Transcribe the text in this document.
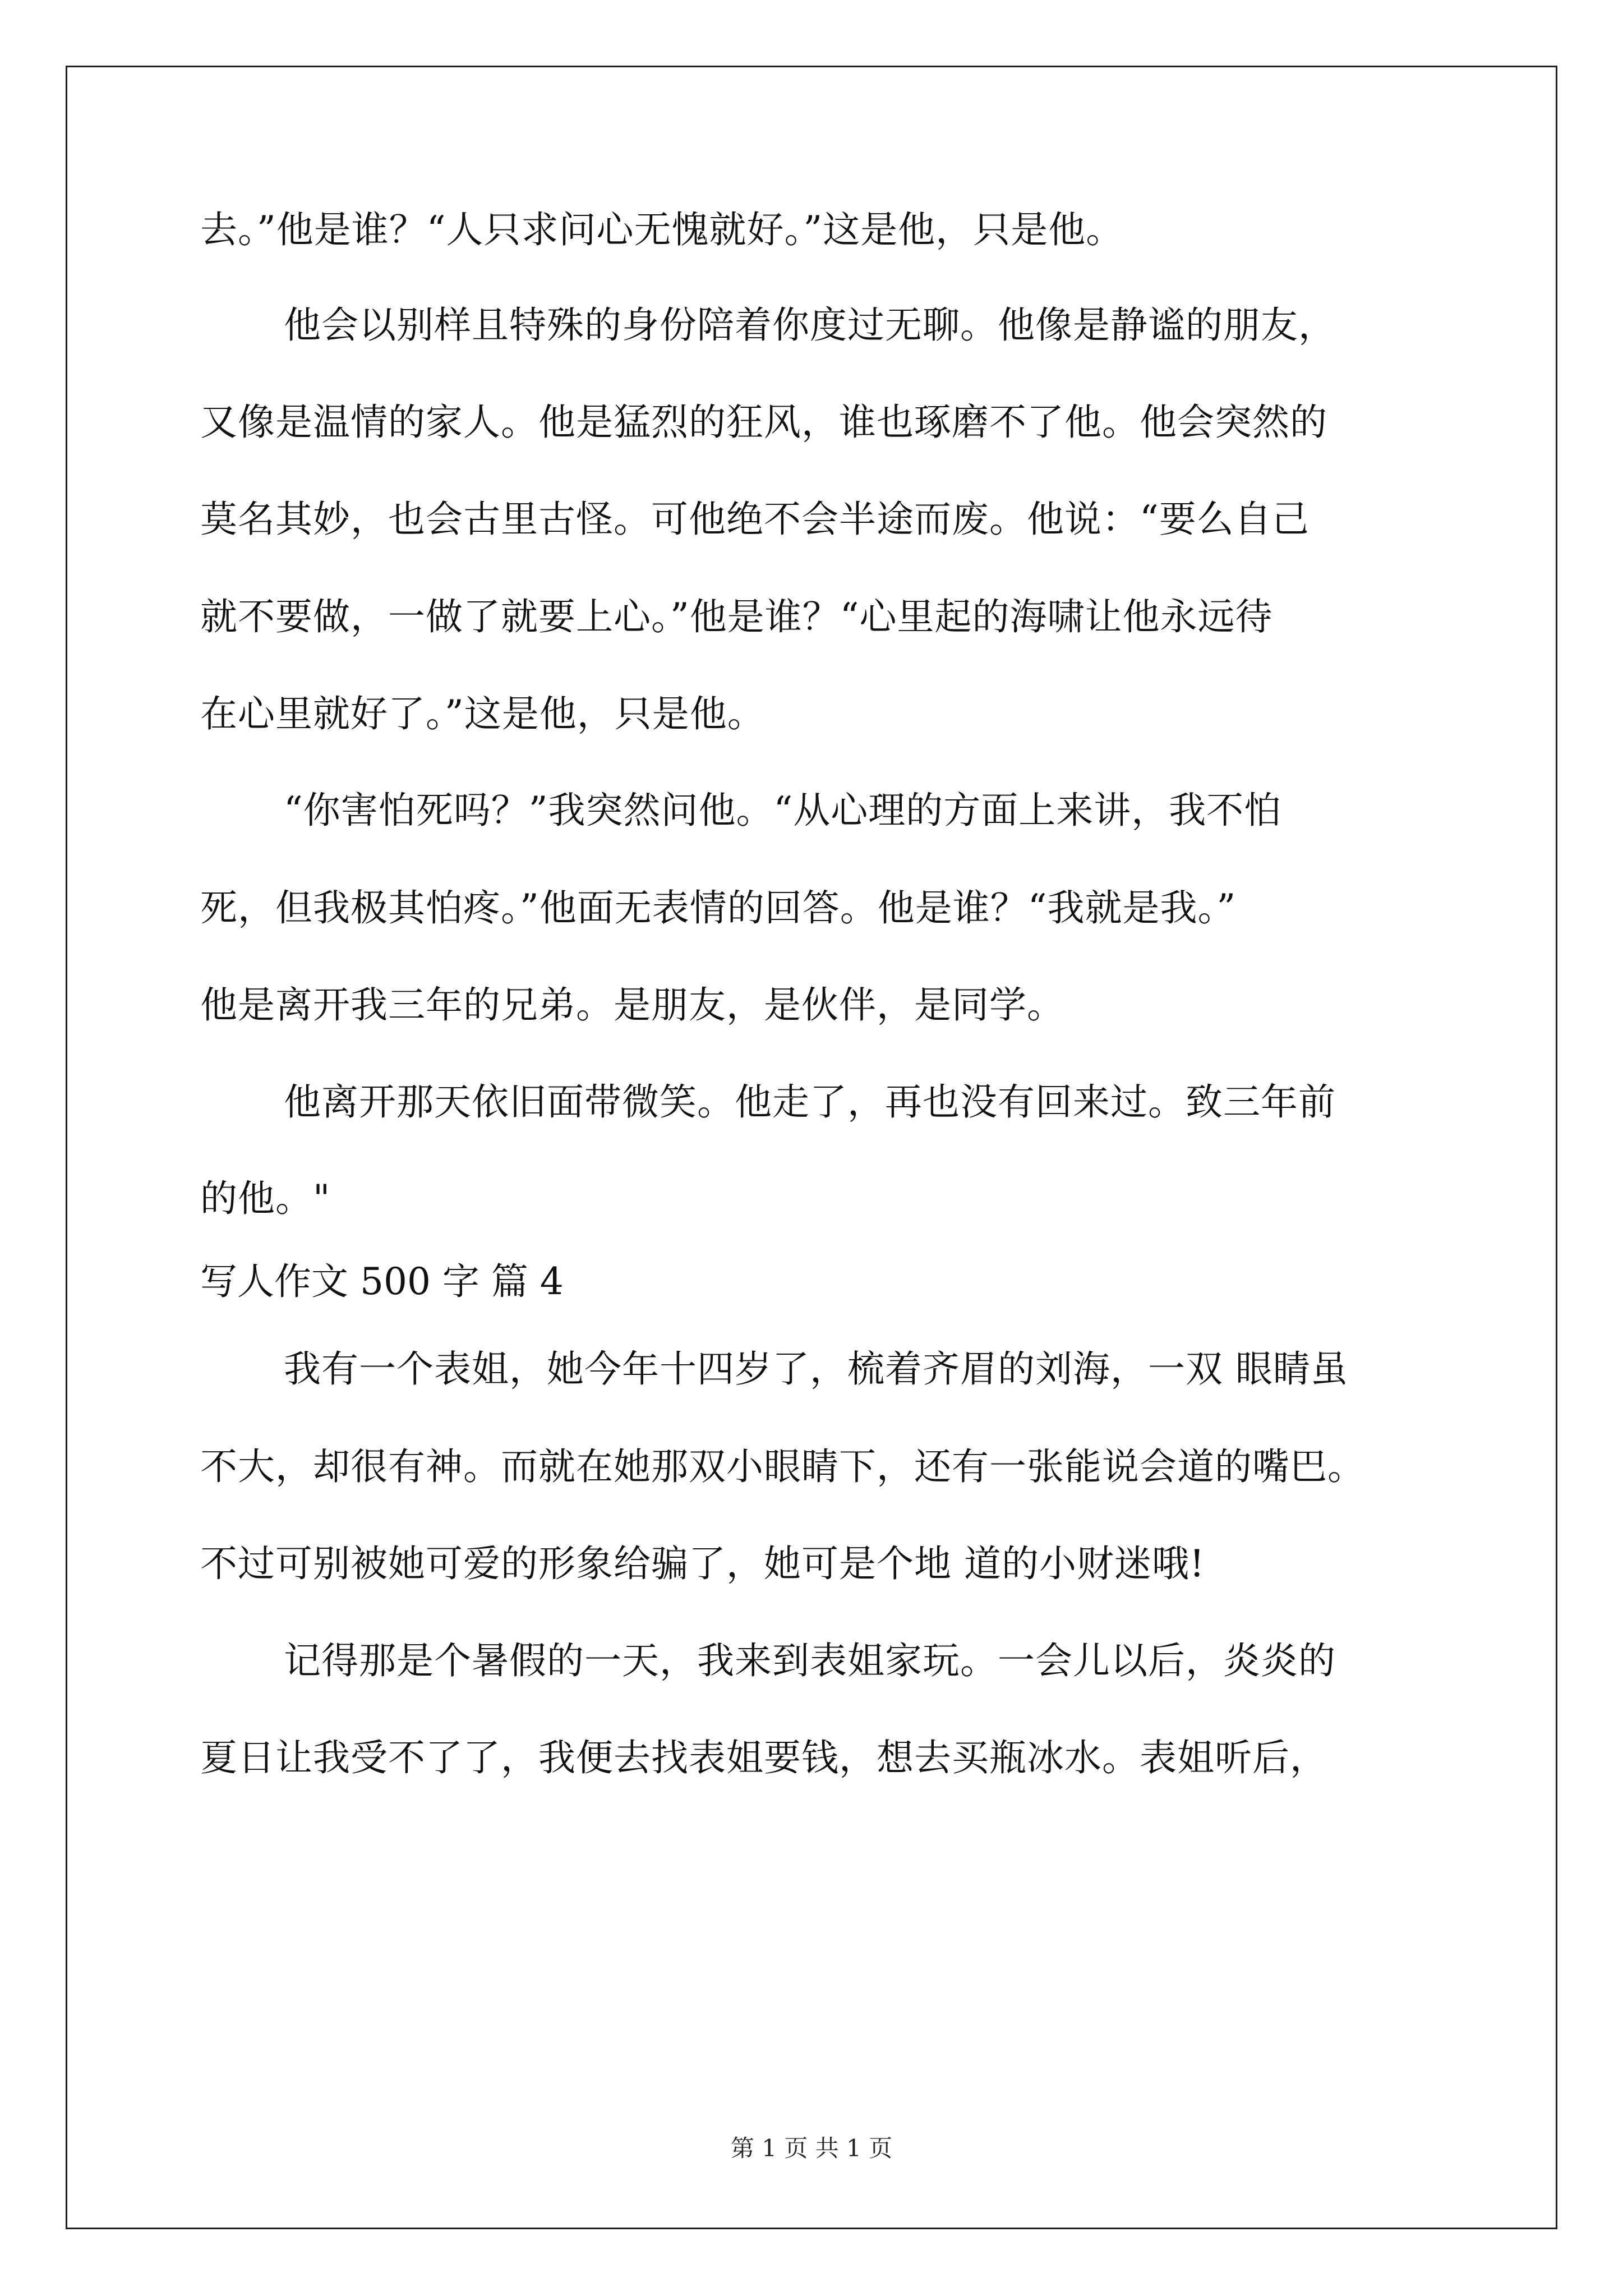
去。”他是谁？“人只求问心无愧就好。”这是他，只是他。

他会以别样且特殊的身份陪着你度过无聊。他像是静谧的朋友，

又像是温情的家人。他是猛烈的狂风，谁也琢磨不了他。他会突然的

莫名其妙，也会古里古怪。可他绝不会半途而废。他说：“要么自己

就不要做，一做了就要上心。”他是谁？“心里起的海啸让他永远待

在心里就好了。”这是他，只是他。

“你害怕死吗？”我突然问他。“从心理的方面上来讲，我不怕

死，但我极其怕疼。”他面无表情的回答。他是谁？“我就是我。”

他是离开我三年的兄弟。是朋友，是伙伴，是同学。

他离开那天依旧面带微笑。他走了，再也没有回来过。致三年前

的他。"

写人作文 500 字 篇 4

我有一个表姐，她今年十四岁了，梳着齐眉的刘海，一双 眼睛虽

不大，却很有神。而就在她那双小眼睛下，还有一张能说会道的嘴巴。

不过可别被她可爱的形象给骗了，她可是个地 道的小财迷哦!

记得那是个暑假的一天，我来到表姐家玩。一会儿以后，炎炎的

夏日让我受不了了，我便去找表姐要钱，想去买瓶冰水。表姐听后，

第 1 页 共 1 页
